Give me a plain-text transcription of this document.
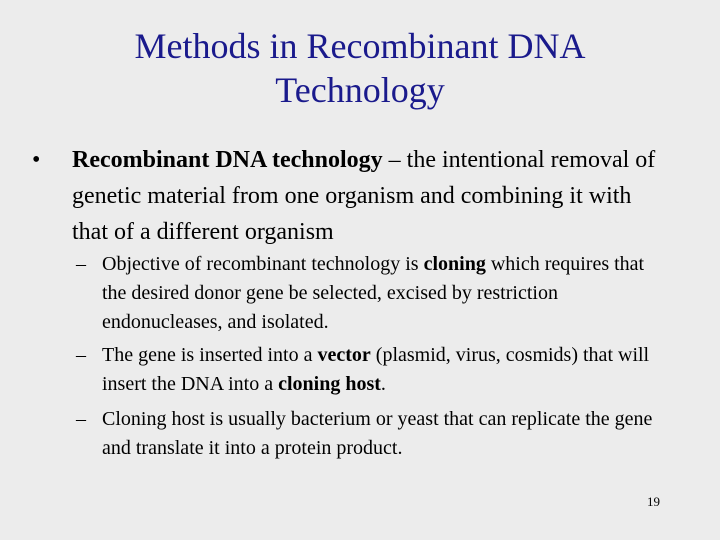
Methods in Recombinant DNA Technology
• Recombinant DNA technology – the intentional removal of genetic material from one organism and combining it with that of a different organism
– Objective of recombinant technology is cloning which requires that the desired donor gene be selected, excised by restriction endonucleases, and isolated.
– The gene is inserted into a vector (plasmid, virus, cosmids) that will insert the DNA into a cloning host.
– Cloning host is usually bacterium or yeast that can replicate the gene and translate it into a protein product.
19
